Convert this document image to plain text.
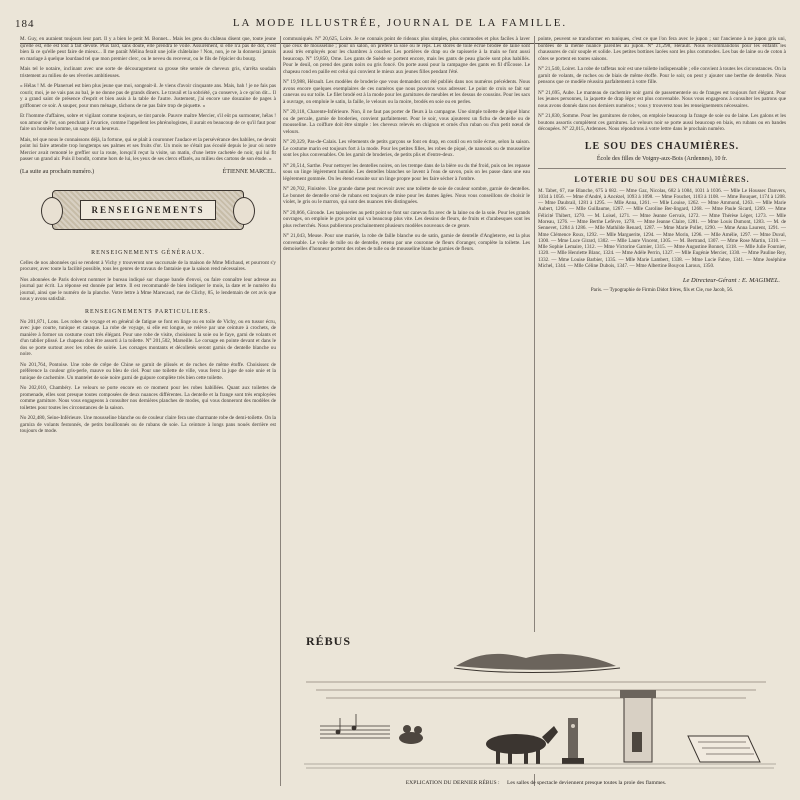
184	LA MODE ILLUSTRÉE, JOURNAL DE LA FAMILLE.

M. Guy, en auraient toujours leur part. Il y a bien le petit M. Bonnet... Mais les gens du château disent que, toute jeune qu'elle est, elle est tout à fait dévote. Plus tard, sans doute, elle prendra le voile. Assurément, si elle n'a pas de dot, c'est bien là ce qu'elle peut faire de mieux... Il me paraît Mélina ferait une jolie châtelaine ! Non, non, je ne la donnerai jamais en mariage à quelque lourdaud tel que mon premier clerc, ou le neveu du receveur, ou le fils de l'épicier du bourg.

Mais tel le notaire, inclinant avec une sorte de découragement sa grosse tête semée de cheveux gris, s'arrêta soudain tristement au milieu de ses rêveries ambitieuses.

« Hélas ! M. de Planeruel est bien plus jeune que moi, songeait-il. Je viens d'avoir cinquante ans. Mais, bah ! je ne fais pas courir, moi, je ne vais pas au bal, je ne donne pas de grands dîners. Le travail et la sobriété, ça conserve, à ce qu'on dit... Il y a grand saint de présence d'esprit et bien assis à la table de l'autre. Justement, j'ai encore une douzaine de pages à griffonner ce soir. A souper, pour mon ménage, tâchons de ne pas faire trop de piquette. »

Et l'homme d'affaires, sobre et vigilant comme toujours, se tint parole. Pauvre maître Mercier, s'il eût pu surmonter, hélas ! son amour de l'or, son penchant à l'avarice, comme l'appellent les phrénologistes, il aurait en beaucoup de ce qu'il faut pour faire un honnête homme, un sage et un heureux.

Mais, tel que nous le connaissons déjà, la fortune, qui se plaît à couronner l'audace et la persévérance des habiles, ne devait point lui faire attendre trop longtemps ses palmes et ses fruits d'or. Un mois ne s'était pas écoulé depuis le jour où notre Mercier avait remonté le greffier sur la route, lorsqu'il reçut la visite, un matin, d'une lettre cachetée de noir, qui lui fit passer un grand air. Puis il bondit, comme hors de lui, les yeux de ses clercs effarés, au milieu des cartons de son étude. »

(La suite au prochain numéro.)	ÉTIENNE MARCEL.
RENSEIGNEMENTS
RENSEIGNEMENTS GÉNÉRAUX.

Celles de nos abonnées qui se rendent à Vichy y trouveront une succursale de la maison de Mme Michaud, et pourront s'y procurer, avec toute la facilité possible, tous les genres de travaux de fantaisie que la saison rend nécessaires.

Nos abonnées de Paris doivent nommer le bureau indiqué sur chaque bande d'envoi, ou faire connaître leur adresse au journal par écrit. La réponse est donnée par lettre. Il est recommandé de bien indiquer le mois, la date et le numéro du journal, ainsi que le numéro de la planche. Votre lettre à Mme Marecaud, rue de Clichy, 85, le lendemain de cet avis que nous y avons satisfait.

RENSEIGNEMENTS PARTICULIERS.

No 201,871, Lons. Les robes de voyage et en général de fatigue se font en linge ou en toile de Vichy, ou en tussor écru, avec jupe courte, tunique et casaque. La robe de voyage, si elle est longue, se relève par une ceinture à crochets, de manière à former un costume court très élégant. Pour une robe de visite, choisissez la soie ou le faye, garni de volants et d'un tablier plissé. Le chapeau doit être assorti à la toilette. N° 201,502, Marseille. Le corsage en pointe devant et dans le dos se porte surtout avec les robes de soirée. Les corsages montants et décolletés seront garnis de dentelle blanche ou noire.

No 201,764, Pontoise. Une robe de crêpe de Chine se garnit de plissés et de ruches de même étoffe. Choisissez de préférence la couleur gris-perle, mauve ou bleu de ciel. Pour une toilette de ville, vous ferez la jupe de soie unie et la tunique de cachemire. Un mantelet de soie noire garni de guipure complète très bien cette toilette.

No 202,010, Chambéry. Le velours se porte encore en ce moment pour les robes habillées. Quant aux toilettes de promenade, elles sont presque toutes composées de deux nuances différentes. La dentelle et la frange sont très employées comme garniture. Nous vous engageons à consulter nos dernières planches de modes, qui vous donneront des modèles de toilettes pour toutes les circonstances de la saison.

No 202,480, Seine-Inférieure. Une mousseline blanche ou de couleur claire fera une charmante robe de demi-toilette. On la garnira de volants festonnés, de petits bouillonnés ou de rubans de soie. La ceinture à longs pans noués derrière est toujours de mode.

communiqués. N° 20,625, Loire. Je ne connais point de rideaux plus simples, plus commodes et plus faciles à laver que ceux de mousseline ; pour un salon, on préfère la soie ou le reps. Les stores de toile écrue brodée de laine sont aussi très employés pour les chambres à coucher. Les portières de drap ou de tapisserie à la main se font aussi beaucoup. N° 19,850, Orne. Les gants de Suède se portent encore, mais les gants de peau glacée sont plus habillés. Pour le deuil, on prend des gants noirs ou gris foncé. On porte aussi pour la campagne des gants en fil d'Écosse. Le chapeau rond en paille est celui qui convient le mieux aux jeunes filles pendant l'été.

N° 19,988, Hérault. Les modèles de broderie que vous demandez ont été publiés dans nos numéros précédents. Nous avons encore quelques exemplaires de ces numéros que nous pouvons vous adresser. Le point de croix se fait sur canevas ou sur toile. Le filet brodé est à la mode pour les garnitures de meubles et les dessus de coussins. Pour les sacs à ouvrage, on emploie le satin, la faille, le velours ou la moire, brodés en soie ou en perles.

N° 20,118, Charente-Inférieure. Non, il ne faut pas porter de fleurs à la campagne. Une simple toilette de piqué blanc ou de percale, garnie de broderies, convient parfaitement. Pour le soir, vous ajouterez un fichu de dentelle ou de mousseline. La coiffure doit être simple : les cheveux relevés en chignon et ornés d'un ruban ou d'un petit nœud de velours.

N° 20,329, Pas-de-Calais. Les vêtements de petits garçons se font en drap, en coutil ou en toile écrue, selon la saison. Le costume marin est toujours fort à la mode. Pour les petites filles, les robes de piqué, de nansouk ou de mousseline sont les plus convenables. On les garnit de broderies, de petits plis et d'entre-deux.

N° 20,514, Sarthe. Pour nettoyer les dentelles noires, on les trempe dans de la bière ou du thé froid, puis on les repasse sous un linge légèrement humide. Les dentelles blanches se lavent à l'eau de savon, puis on les passe dans une eau légèrement gommée. On les étend ensuite sur un linge propre pour les faire sécher à l'ombre.

N° 20,702, Finistère. Une grande dame peut recevoir avec une toilette de soie de couleur sombre, garnie de dentelles. Le bonnet de dentelle orné de rubans est toujours de mise pour les dames âgées. Nous vous conseillons de choisir le violet, le gris ou le marron, qui sont des nuances très distinguées.

N° 20,866, Gironde. Les tapisseries au petit point se font sur canevas fin avec de la laine ou de la soie. Pour les grands ouvrages, on emploie le gros point qui va beaucoup plus vite. Les dessins de fleurs, de fruits et d'arabesques sont les plus recherchés. Nous publierons prochainement plusieurs modèles nouveaux de ce genre.

N° 21,043, Meuse. Pour une mariée, la robe de faille blanche ou de satin, garnie de dentelle d'Angleterre, est la plus convenable. Le voile de tulle ou de dentelle, retenu par une couronne de fleurs d'oranger, complète la toilette. Les demoiselles d'honneur portent des robes de tulle ou de mousseline blanche garnies de fleurs.

pointe, peuvent se transformer en tuniques, c'est ce que l'on fera avec le jupon ; sur l'ancienne à ne jupon gris uni, bordées de la même nuance pareilles au jupon. N° 21,298, Hérault. Nous recommandons pour les enfants les chaussures de cuir souple et solide. Les petites bottines lacées sont les plus commodes. Les bas de laine ou de coton à côtes se portent en toutes saisons.

N° 21,540, Loiret. La robe de taffetas noir est une toilette indispensable ; elle convient à toutes les circonstances. On la garnit de volants, de ruches ou de biais de même étoffe. Pour le soir, on peut y ajouter une berthe de dentelle. Nous pensons que ce modèle réussira parfaitement à votre fille.

N° 21,695, Aube. Le manteau de cachemire noir garni de passementerie ou de franges est toujours fort élégant. Pour les jeunes personnes, la jaquette de drap léger est plus convenable. Nous vous engageons à consulter les patrons que nous avons donnés dans nos derniers numéros ; vous y trouverez tous les renseignements nécessaires.

N° 21,830, Somme. Pour les garnitures de robes, on emploie beaucoup la frange de soie ou de laine. Les galons et les boutons assortis complètent ces garnitures. Le velours noir se porte aussi beaucoup en biais, en rubans ou en bandes découpées. N° 22,015, Ardennes. Nous répondrons à votre lettre dans le prochain numéro.

LE SOU DES CHAUMIÈRES.
École des filles de Voigny-aux-Bois (Ardennes), 10 fr.
LOTERIE DU SOU DES CHAUMIÈRES.
M. Tabet, 67, rue Blanche, 675 à 682. — Mme Gaz, Nicolas, 682 à 1084, 1031 à 1036. — Mlle Le Houssec Danvers, 1034 à 1056. — Mme d'André, à Ancézel, 1093 à 1098. — Mme Fouchet, 1103 à 1108. — Mme Bouquet, 1174 à 1208. — Mme Daubrail, 1281 à 1295. — Mlle Anna, 1261. — Mlle Louise, 1262. — Mme Ammond, 1263. — Mlle Marie Aubert, 1266. — Mlle Guillaume, 1267. — Mlle Caroline Ber-lingard, 1268. — Mme Paule Sicard, 1269. — Mme Félicité Thibert, 1270. — M. Loisel, 1271. — Mme Jeanne Gervais, 1272. — Mme Thérèse Léger, 1273. — Mlle Moreau, 1276. — Mme Berthe Lefèvre, 1278. — Mme Jeanne Claire, 1281. — Mme Louis Dumont, 1283. — M. de Sennevet, 1284 à 1286. — Mlle Mathilde Renard, 1287. — Mme Marie Pollet, 1290. — Mme Anna Laurent, 1291. — Mme Clémence Roux, 1292. — Mlle Marguerite, 1294. — Mme Morin, 1296. — Mlle Amélie, 1297. — Mme Duval, 1300. — Mme Luce Girard, 1302. — Mlle Laure Vincent, 1305. — M. Bertrand, 1307. — Mme Rose Martin, 1310. — Mlle Sophie Lemaire, 1312. — Mme Victorine Garnier, 1315. — Mme Augustine Bonnet, 1318. — Mlle Julie Fournier, 1320. — Mlle Henriette Blanc, 1324. — Mme Adèle Perrin, 1327. — Mlle Eugénie Mercier, 1330. — Mme Pauline Rey, 1332. — Mme Louise Barbier, 1335. — Mlle Marie Lambert, 1338. — Mme Lucie Fabre, 1341. — Mme Joséphine Michel, 1344. — Mlle Céline Dubois, 1347. — Mme Albertine Bouyon Laroux, 1350.
Le Directeur-Gérant : E. MAGIMEL.
Paris. — Typographie de Firmin Didot frères, fils et Cie, rue Jacob, 56.
RÉBUS
EXPLICATION DU DERNIER RÉBUS : Les salles de spectacle deviennent presque toutes la proie des flammes.
